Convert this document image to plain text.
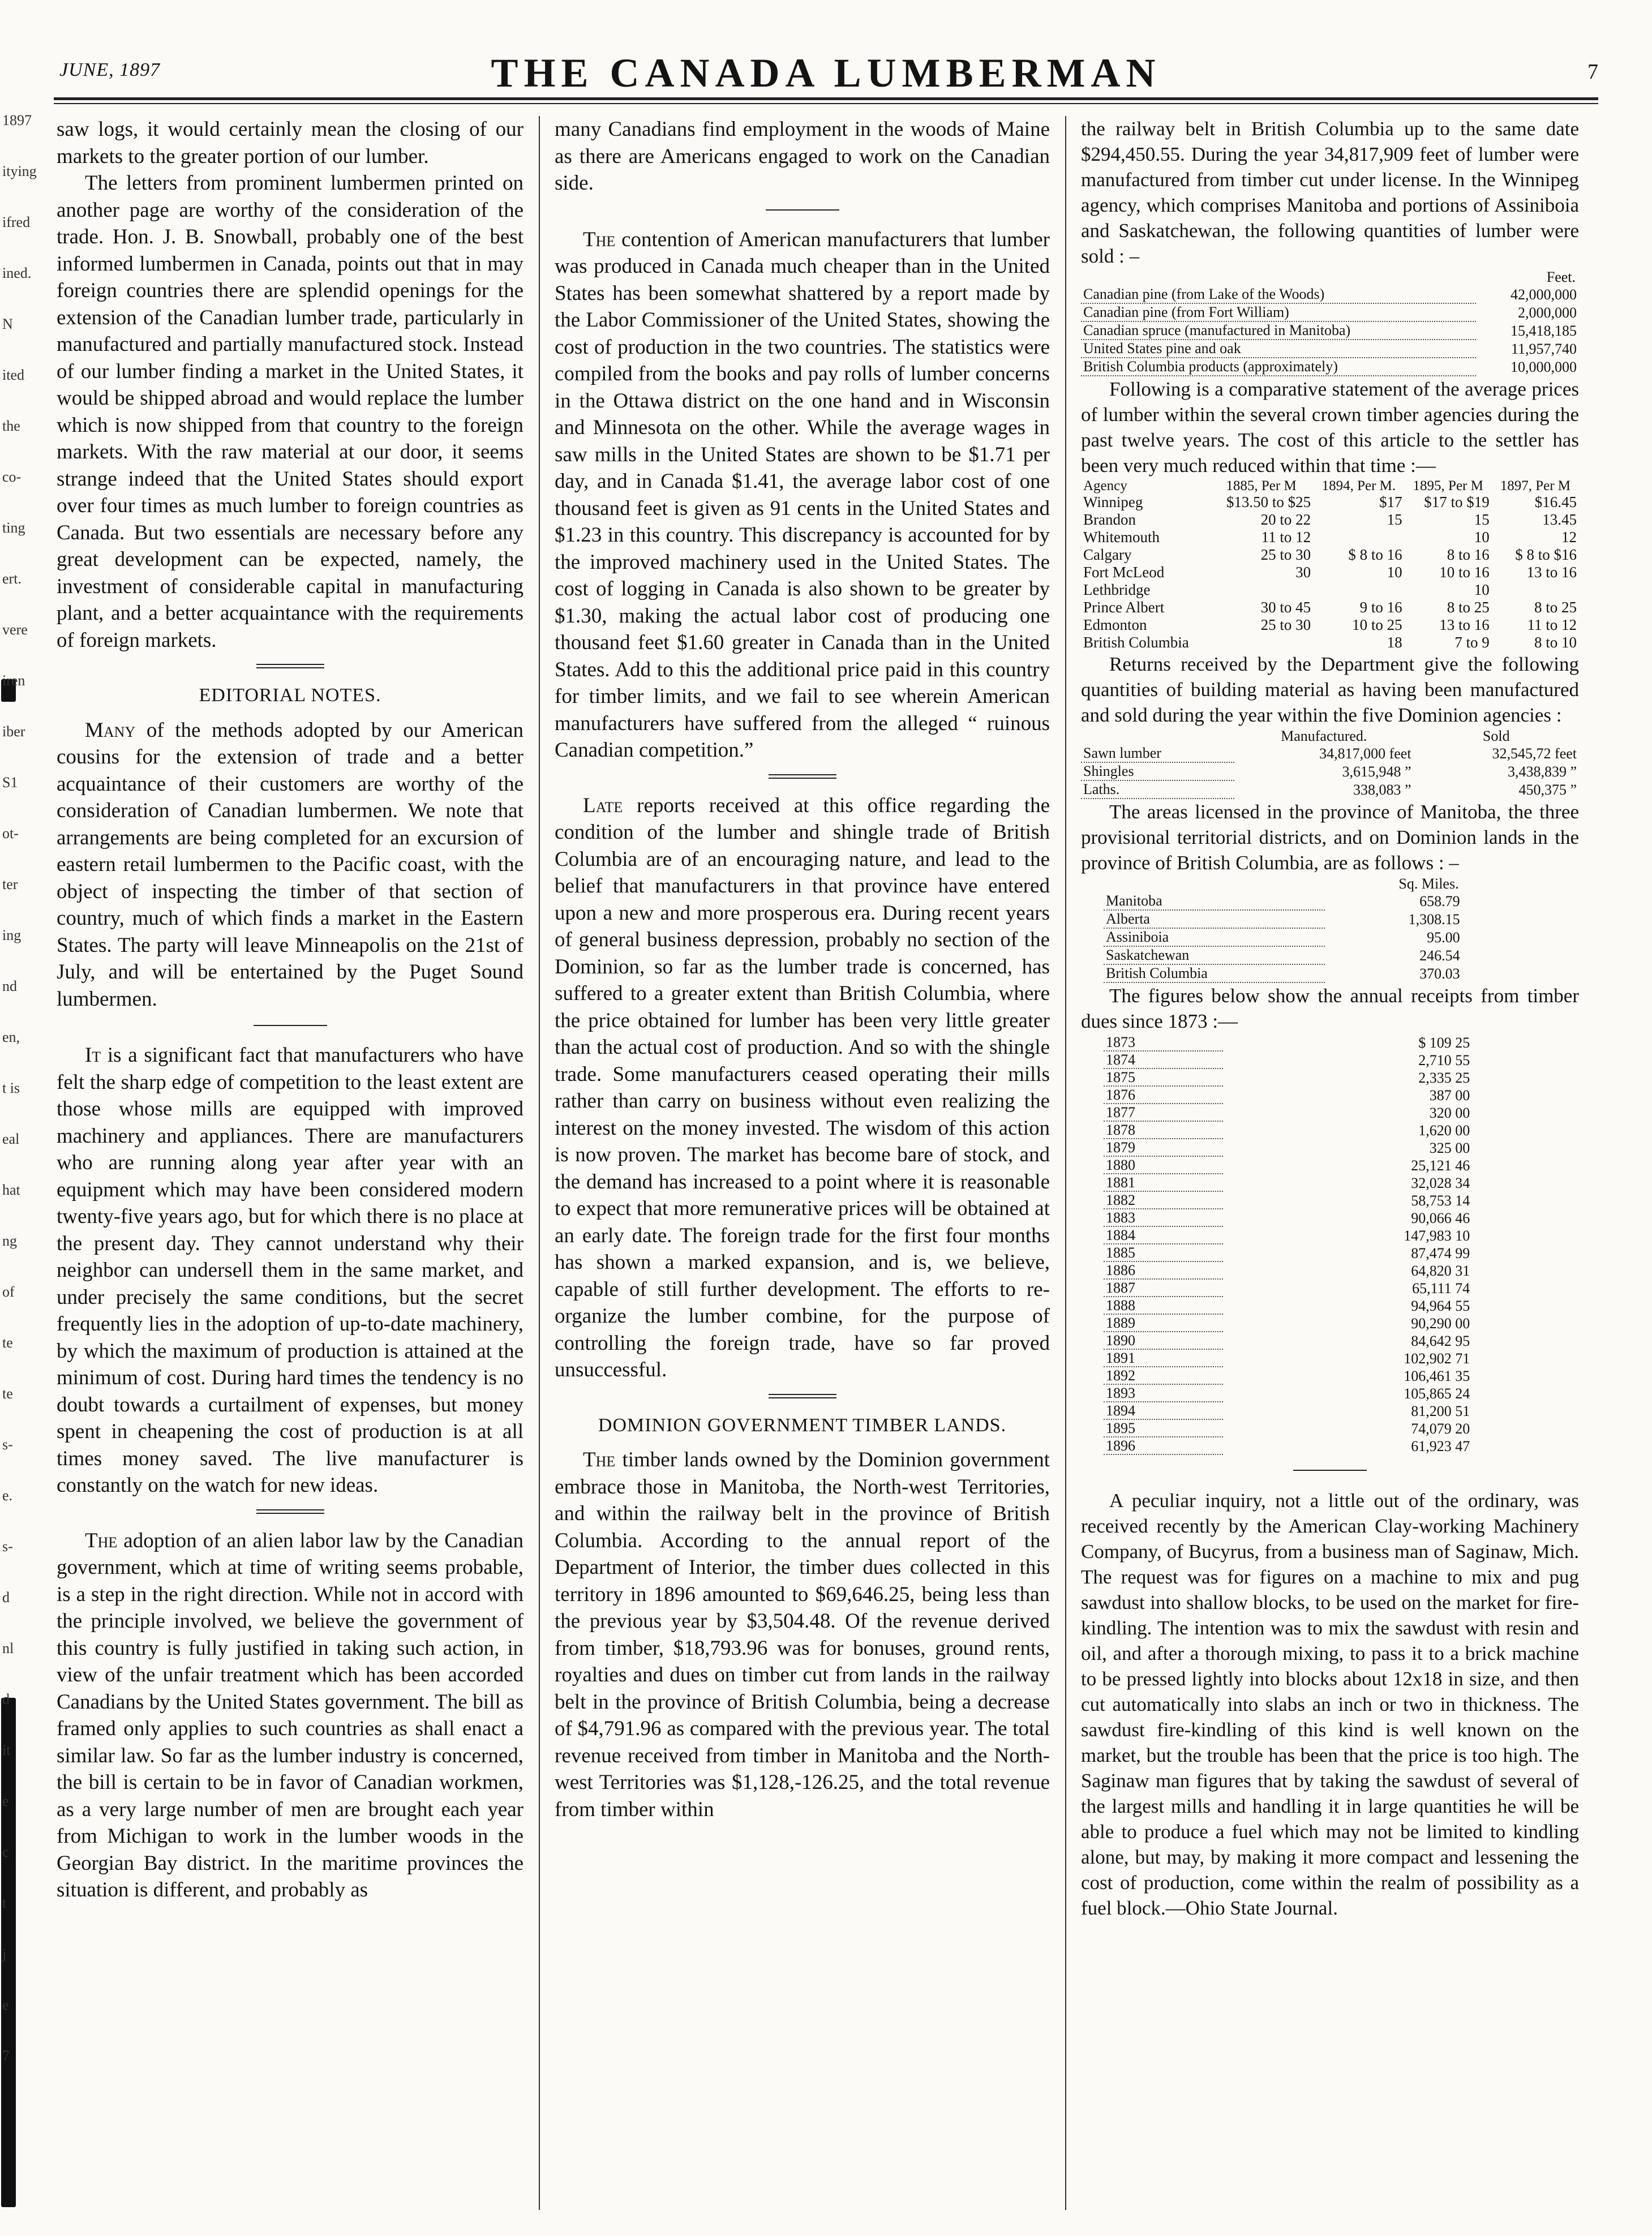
1897
itying
ifred
ined.
N
ited
the
co-
ting
ert.
vere
iren
iber
S1
ot-
ter
ing
nd
en,
t is
eal
hat
ng
of
te
te
s-
e.
s-
d
nl
d
it
e
c
t
j
e
7
JUNE, 1897	THE CANADA LUMBERMAN	7

saw logs, it would certainly mean the closing of our markets to the greater portion of our lumber.

The letters from prominent lumbermen printed on another page are worthy of the consideration of the trade. Hon. J. B. Snowball, probably one of the best informed lumbermen in Canada, points out that in may foreign countries there are splendid openings for the extension of the Canadian lumber trade, particularly in manufactured and partially manufactured stock. Instead of our lumber finding a market in the United States, it would be shipped abroad and would replace the lumber which is now shipped from that country to the foreign markets. With the raw material at our door, it seems strange indeed that the United States should export over four times as much lumber to foreign countries as Canada. But two essentials are necessary before any great development can be expected, namely, the investment of considerable capital in manufacturing plant, and a better acquaintance with the requirements of foreign markets.

EDITORIAL NOTES.

Many of the methods adopted by our American cousins for the extension of trade and a better acquaintance of their customers are worthy of the consideration of Canadian lumbermen. We note that arrangements are being completed for an excursion of eastern retail lumbermen to the Pacific coast, with the object of inspecting the timber of that section of country, much of which finds a market in the Eastern States. The party will leave Minneapolis on the 21st of July, and will be entertained by the Puget Sound lumbermen.

It is a significant fact that manufacturers who have felt the sharp edge of competition to the least extent are those whose mills are equipped with improved machinery and appliances. There are manufacturers who are running along year after year with an equipment which may have been considered modern twenty-five years ago, but for which there is no place at the present day. They cannot understand why their neighbor can undersell them in the same market, and under precisely the same conditions, but the secret frequently lies in the adoption of up-to-date machinery, by which the maximum of production is attained at the minimum of cost. During hard times the tendency is no doubt towards a curtailment of expenses, but money spent in cheapening the cost of production is at all times money saved. The live manufacturer is constantly on the watch for new ideas.

The adoption of an alien labor law by the Canadian government, which at time of writing seems probable, is a step in the right direction. While not in accord with the principle involved, we believe the government of this country is fully justified in taking such action, in view of the unfair treatment which has been accorded Canadians by the United States government. The bill as framed only applies to such countries as shall enact a similar law. So far as the lumber industry is concerned, the bill is certain to be in favor of Canadian workmen, as a very large number of men are brought each year from Michigan to work in the lumber woods in the Georgian Bay district. In the maritime provinces the situation is different, and probably as

many Canadians find employment in the woods of Maine as there are Americans engaged to work on the Canadian side.

The contention of American manufacturers that lumber was produced in Canada much cheaper than in the United States has been somewhat shattered by a report made by the Labor Commissioner of the United States, showing the cost of production in the two countries. The statistics were compiled from the books and pay rolls of lumber concerns in the Ottawa district on the one hand and in Wisconsin and Minnesota on the other. While the average wages in saw mills in the United States are shown to be $1.71 per day, and in Canada $1.41, the average labor cost of one thousand feet is given as 91 cents in the United States and $1.23 in this country. This discrepancy is accounted for by the improved machinery used in the United States. The cost of logging in Canada is also shown to be greater by $1.30, making the actual labor cost of producing one thousand feet $1.60 greater in Canada than in the United States. Add to this the additional price paid in this country for timber limits, and we fail to see wherein American manufacturers have suffered from the alleged “ ruinous Canadian competition.”

Late reports received at this office regarding the condition of the lumber and shingle trade of British Columbia are of an encouraging nature, and lead to the belief that manufacturers in that province have entered upon a new and more prosperous era. During recent years of general business depression, probably no section of the Dominion, so far as the lumber trade is concerned, has suffered to a greater extent than British Columbia, where the price obtained for lumber has been very little greater than the actual cost of production. And so with the shingle trade. Some manufacturers ceased operating their mills rather than carry on business without even realizing the interest on the money invested. The wisdom of this action is now proven. The market has become bare of stock, and the demand has increased to a point where it is reasonable to expect that more remunerative prices will be obtained at an early date. The foreign trade for the first four months has shown a marked expansion, and is, we believe, capable of still further development. The efforts to re-organize the lumber combine, for the purpose of controlling the foreign trade, have so far proved unsuccessful.

DOMINION GOVERNMENT TIMBER LANDS.

The timber lands owned by the Dominion government embrace those in Manitoba, the North-west Territories, and within the railway belt in the province of British Columbia. According to the annual report of the Department of Interior, the timber dues collected in this territory in 1896 amounted to $69,646.25, being less than the previous year by $3,504.48. Of the revenue derived from timber, $18,793.96 was for bonuses, ground rents, royalties and dues on timber cut from lands in the railway belt in the province of British Columbia, being a decrease of $4,791.96 as compared with the previous year. The total revenue received from timber in Manitoba and the North-west Territories was $1,128,-126.25, and the total revenue from timber within

the railway belt in British Columbia up to the same date $294,450.55. During the year 34,817,909 feet of lumber were manufactured from timber cut under license. In the Winnipeg agency, which comprises Manitoba and portions of Assiniboia and Saskatchewan, the following quantities of lumber were sold : –

	Feet.
Canadian pine (from Lake of the Woods)	42,000,000
Canadian pine (from Fort William)	2,000,000
Canadian spruce (manufactured in Manitoba)	15,418,185
United States pine and oak	11,957,740
British Columbia products (approximately)	10,000,000

Following is a comparative statement of the average prices of lumber within the several crown timber agencies during the past twelve years. The cost of this article to the settler has been very much reduced within that time :—

Agency	1885, Per M	1894, Per M.	1895, Per M	1897, Per M
Winnipeg	$13.50 to $25	$17	$17 to $19	$16.45
Brandon	20 to 22	15	15	13.45
Whitemouth	11 to 12		10	12
Calgary	25 to 30	$ 8 to 16	8 to 16	$ 8 to $16
Fort McLeod	30	10	10 to 16	13 to 16
Lethbridge			10	
Prince Albert	30 to 45	9 to 16	8 to 25	8 to 25
Edmonton	25 to 30	10 to 25	13 to 16	11 to 12
British Columbia		18	7 to 9	8 to 10

Returns received by the Department give the following quantities of building material as having been manufactured and sold during the year within the five Dominion agencies :

	Manufactured.	Sold
Sawn lumber	34,817,000 feet	32,545,72 feet
Shingles	3,615,948 ”	3,438,839 ”
Laths.	338,083 ”	450,375 ”

The areas licensed in the province of Manitoba, the three provisional territorial districts, and on Dominion lands in the province of British Columbia, are as follows : –

	Sq. Miles.
Manitoba	658.79
Alberta	1,308.15
Assiniboia	95.00
Saskatchewan	246.54
British Columbia	370.03

The figures below show the annual receipts from timber dues since 1873 :—

1873	$ 109 25
1874	2,710 55
1875	2,335 25
1876	387 00
1877	320 00
1878	1,620 00
1879	325 00
1880	25,121 46
1881	32,028 34
1882	58,753 14
1883	90,066 46
1884	147,983 10
1885	87,474 99
1886	64,820 31
1887	65,111 74
1888	94,964 55
1889	90,290 00
1890	84,642 95
1891	102,902 71
1892	106,461 35
1893	105,865 24
1894	81,200 51
1895	74,079 20
1896	61,923 47

A peculiar inquiry, not a little out of the ordinary, was received recently by the American Clay-working Machinery Company, of Bucyrus, from a business man of Saginaw, Mich. The request was for figures on a machine to mix and pug sawdust into shallow blocks, to be used on the market for fire-kindling. The intention was to mix the sawdust with resin and oil, and after a thorough mixing, to pass it to a brick machine to be pressed lightly into blocks about 12x18 in size, and then cut automatically into slabs an inch or two in thickness. The sawdust fire-kindling of this kind is well known on the market, but the trouble has been that the price is too high. The Saginaw man figures that by taking the sawdust of several of the largest mills and handling it in large quantities he will be able to produce a fuel which may not be limited to kindling alone, but may, by making it more compact and lessening the cost of production, come within the realm of possibility as a fuel block.—Ohio State Journal.
